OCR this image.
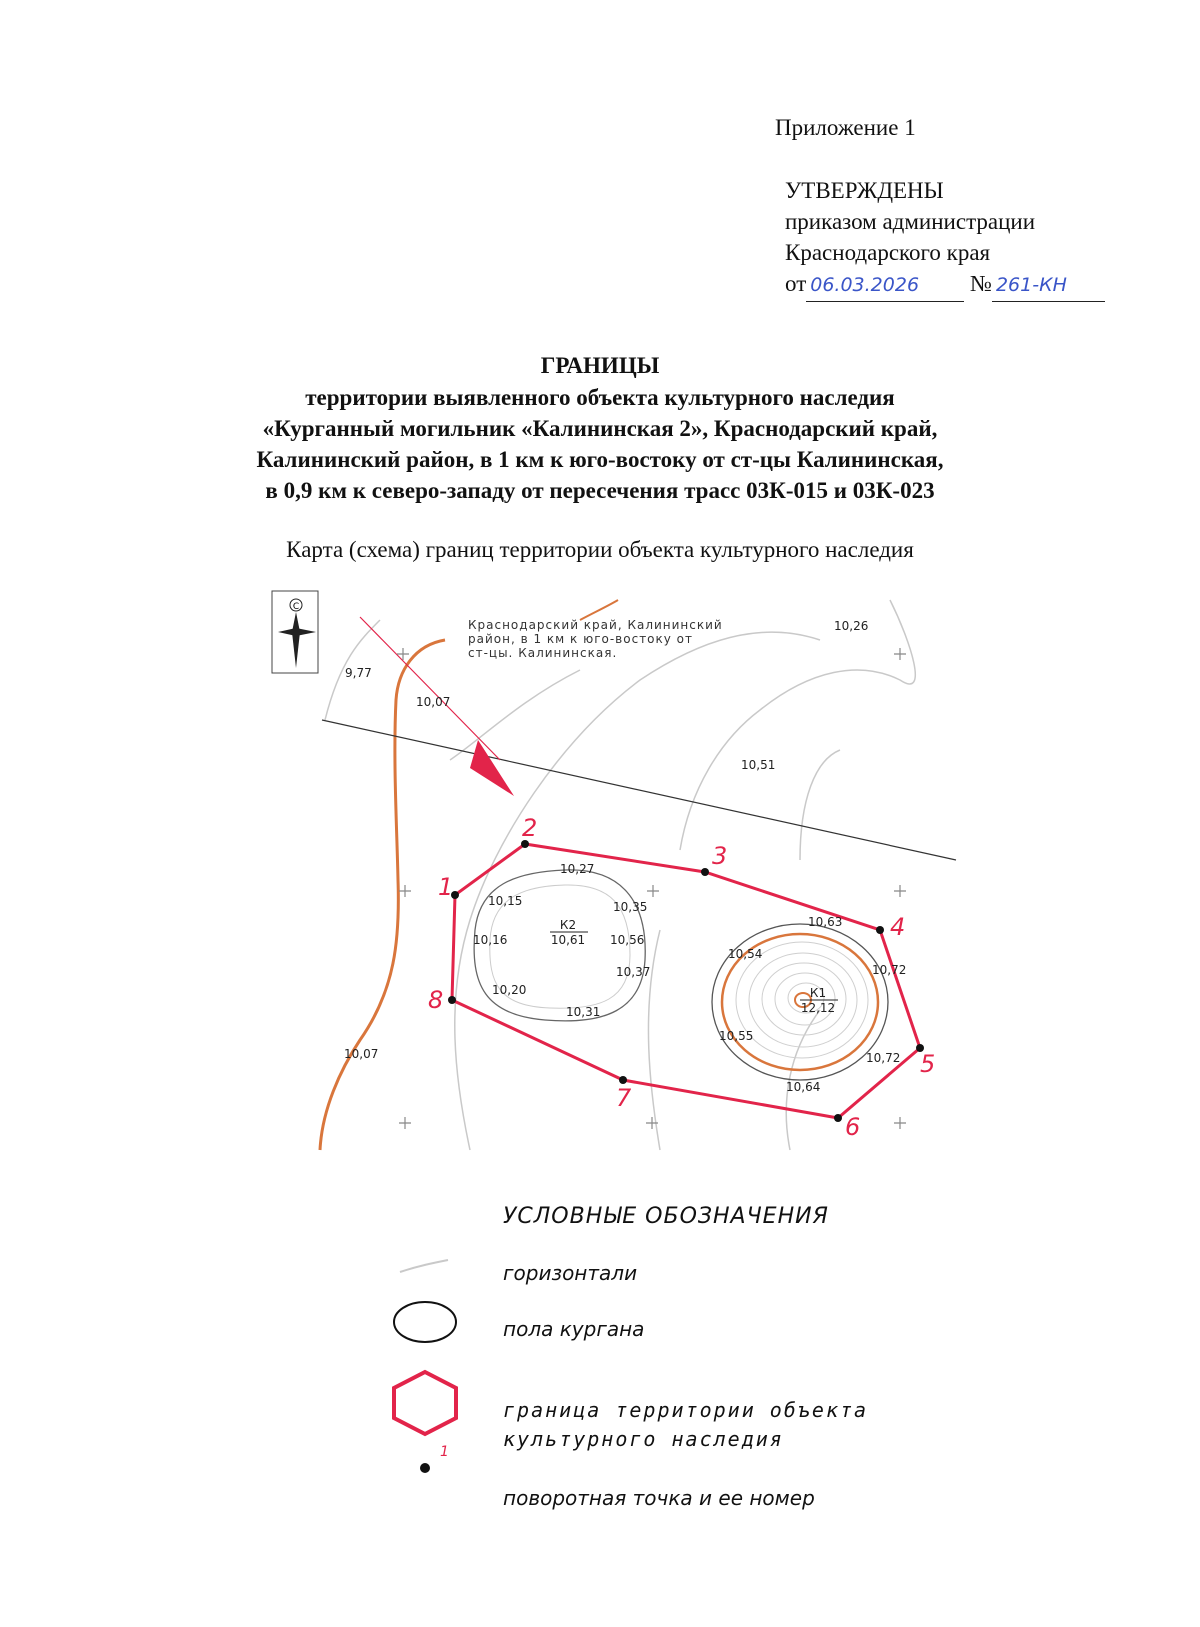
Приложение 1
УТВЕРЖДЕНЫ
приказом администрации
Краснодарского края
от 06.03.2026 № 261-КН
ГРАНИЦЫ
территории выявленного объекта культурного наследия
«Курганный могильник «Калининская 2», Краснодарский край,
Калининский район, в 1 км к юго-востоку от ст-цы Калининская,
в 0,9 км к северо-западу от пересечения трасс 03К-015 и 03К-023
Карта (схема) границ территории объекта культурного наследия
С
1
2
3
4
5
6
7
8
Краснодарский край, Калининский
район, в 1 км к юго-востоку от
ст-цы. Калининская.
9,77
10,07
10,26
10,51
10,27
10,15	10,35
10,16	10,56
10,37
10,20
10,31
10,63
10,54
10,72
10,55
10,72
10,64
10,07
К2
10,61
К1
12,12
УСЛОВНЫЕ ОБОЗНАЧЕНИЯ
1
горизонтали
пола кургана
граница территории объекта
культурного наследия
поворотная точка и ее номер
